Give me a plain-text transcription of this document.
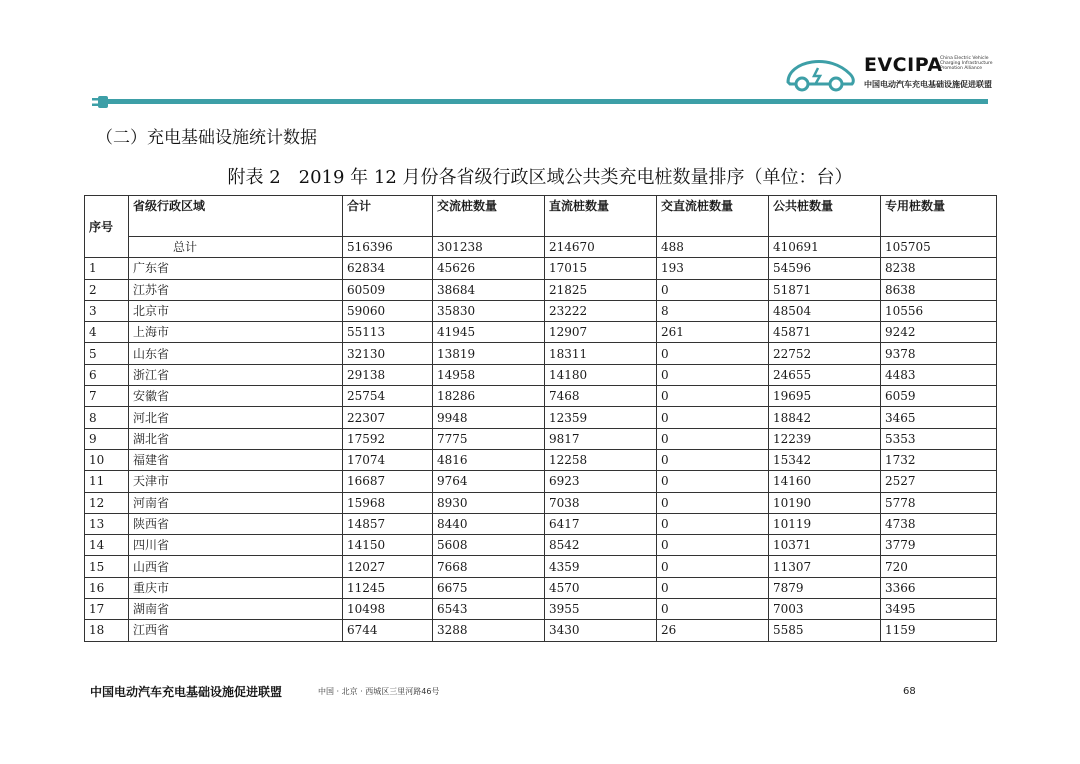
EVCIPA
China Electric Vehicle Charging Infrastructure Promotion Alliance
中国电动汽车充电基础设施促进联盟
（二）充电基础设施统计数据
附表 2　2019 年 12 月份各省级行政区域公共类充电桩数量排序（单位：台）
序号	省级行政区域	合计	交流桩数量	直流桩数量	交直流桩数量	公共桩数量	专用桩数量
	总计	516396	301238	214670	488	410691	105705
1	广东省	62834	45626	17015	193	54596	8238
2	江苏省	60509	38684	21825	0	51871	8638
3	北京市	59060	35830	23222	8	48504	10556
4	上海市	55113	41945	12907	261	45871	9242
5	山东省	32130	13819	18311	0	22752	9378
6	浙江省	29138	14958	14180	0	24655	4483
7	安徽省	25754	18286	7468	0	19695	6059
8	河北省	22307	9948	12359	0	18842	3465
9	湖北省	17592	7775	9817	0	12239	5353
10	福建省	17074	4816	12258	0	15342	1732
11	天津市	16687	9764	6923	0	14160	2527
12	河南省	15968	8930	7038	0	10190	5778
13	陕西省	14857	8440	6417	0	10119	4738
14	四川省	14150	5608	8542	0	10371	3779
15	山西省	12027	7668	4359	0	11307	720
16	重庆市	11245	6675	4570	0	7879	3366
17	湖南省	10498	6543	3955	0	7003	3495
18	江西省	6744	3288	3430	26	5585	1159
中国电动汽车充电基础设施促进联盟	中国 · 北京 · 西城区三里河路46号	68
